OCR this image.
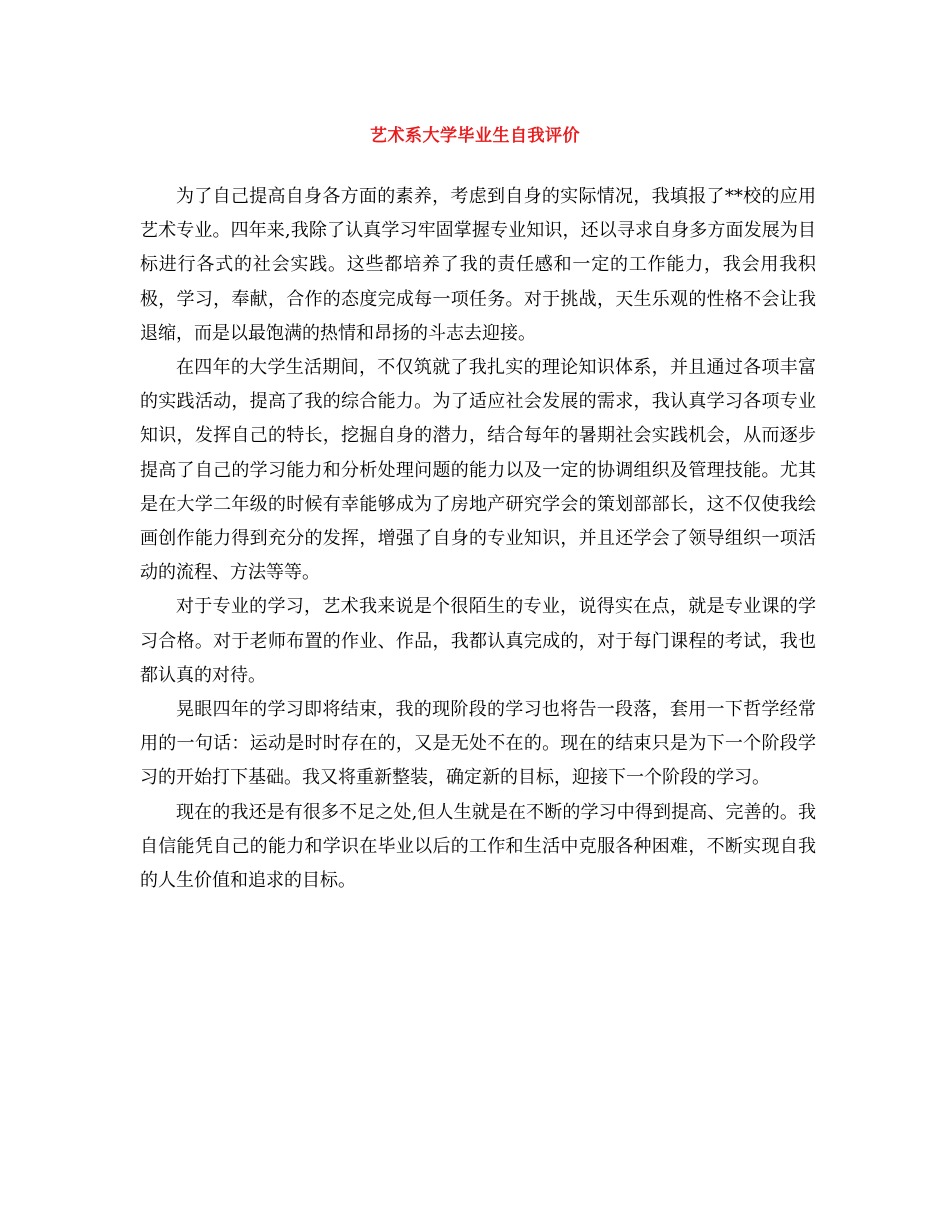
艺术系大学毕业生自我评价

为了自己提高自身各方面的素养，考虑到自身的实际情况，我填报了**校的应用艺术专业。四年来,我除了认真学习牢固掌握专业知识，还以寻求自身多方面发展为目标进行各式的社会实践。这些都培养了我的责任感和一定的工作能力，我会用我积极，学习，奉献，合作的态度完成每一项任务。对于挑战，天生乐观的性格不会让我退缩，而是以最饱满的热情和昂扬的斗志去迎接。

在四年的大学生活期间，不仅筑就了我扎实的理论知识体系，并且通过各项丰富的实践活动，提高了我的综合能力。为了适应社会发展的需求，我认真学习各项专业知识，发挥自己的特长，挖掘自身的潜力，结合每年的暑期社会实践机会，从而逐步提高了自己的学习能力和分析处理问题的能力以及一定的协调组织及管理技能。尤其是在大学二年级的时候有幸能够成为了房地产研究学会的策划部部长，这不仅使我绘画创作能力得到充分的发挥，增强了自身的专业知识，并且还学会了领导组织一项活动的流程、方法等等。

对于专业的学习，艺术我来说是个很陌生的专业，说得实在点，就是专业课的学习合格。对于老师布置的作业、作品，我都认真完成的，对于每门课程的考试，我也都认真的对待。

晃眼四年的学习即将结束，我的现阶段的学习也将告一段落，套用一下哲学经常用的一句话：运动是时时存在的，又是无处不在的。现在的结束只是为下一个阶段学习的开始打下基础。我又将重新整装，确定新的目标，迎接下一个阶段的学习。

现在的我还是有很多不足之处,但人生就是在不断的学习中得到提高、完善的。我自信能凭自己的能力和学识在毕业以后的工作和生活中克服各种困难，不断实现自我的人生价值和追求的目标。
